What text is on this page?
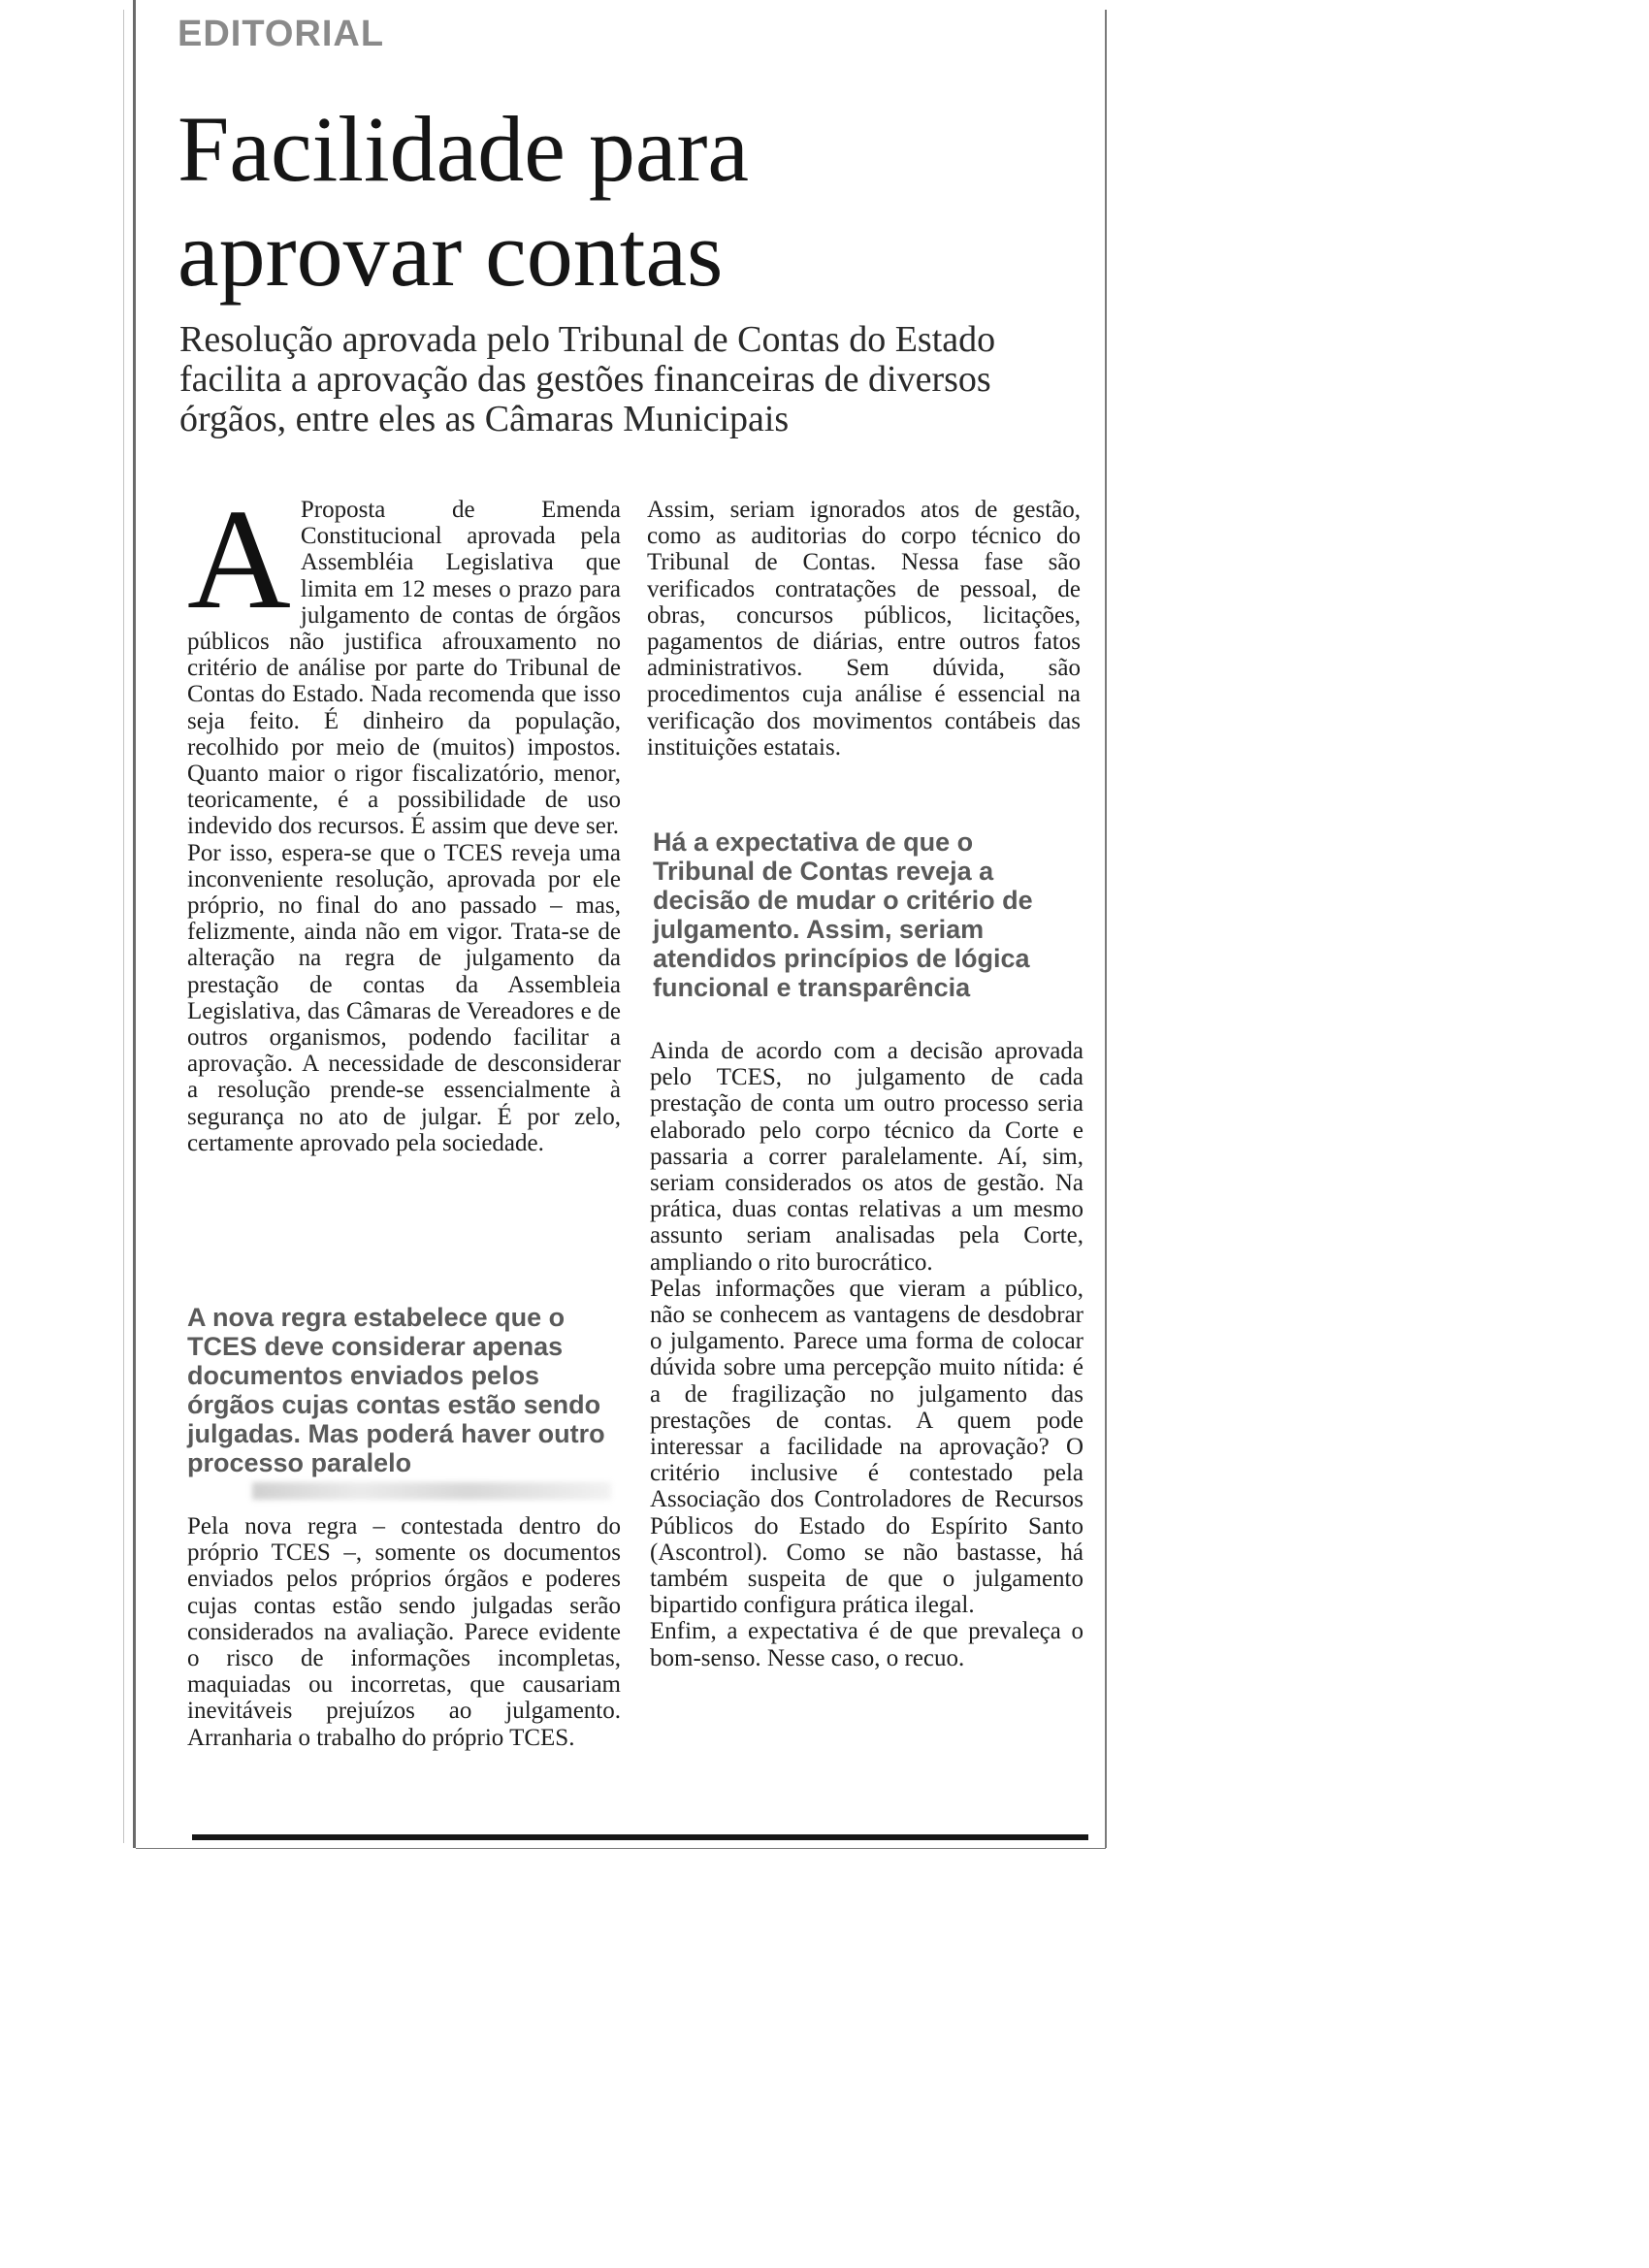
EDITORIAL
Facilidade para aprovar contas

Resolução aprovada pelo Tribunal de Contas do Estado facilita a aprovação das gestões financeiras de diversos órgãos, entre eles as Câmaras Municipais

A Proposta de Emenda Constitucional aprovada pela Assembléia Legislativa que limita em 12 meses o prazo para julgamento de contas de órgãos públicos não justifica afrouxamento no critério de análise por parte do Tribunal de Contas do Estado. Nada recomenda que isso seja feito. É dinheiro da população, recolhido por meio de (muitos) impostos. Quanto maior o rigor fiscalizatório, menor, teoricamente, é a possibilidade de uso indevido dos recursos. É assim que deve ser.

Por isso, espera-se que o TCES reveja uma inconveniente resolução, aprovada por ele próprio, no final do ano passado – mas, felizmente, ainda não em vigor. Trata-se de alteração na regra de julgamento da prestação de contas da Assembleia Legislativa, das Câmaras de Vereadores e de outros organismos, podendo facilitar a aprovação. A necessidade de desconsiderar a resolução prende-se essencialmente à segurança no ato de julgar. É por zelo, certamente aprovado pela sociedade.

A nova regra estabelece que o TCES deve considerar apenas documentos enviados pelos órgãos cujas contas estão sendo julgadas. Mas poderá haver outro processo paralelo

Pela nova regra – contestada dentro do próprio TCES –, somente os documentos enviados pelos próprios órgãos e poderes cujas contas estão sendo julgadas serão considerados na avaliação. Parece evidente o risco de informações incompletas, maquiadas ou incorretas, que causariam inevitáveis prejuízos ao julgamento. Arranharia o trabalho do próprio TCES.

Assim, seriam ignorados atos de gestão, como as auditorias do corpo técnico do Tribunal de Contas. Nessa fase são verificados contratações de pessoal, de obras, concursos públicos, licitações, pagamentos de diárias, entre outros fatos administrativos. Sem dúvida, são procedimentos cuja análise é essencial na verificação dos movimentos contábeis das instituições estatais.

Há a expectativa de que o Tribunal de Contas reveja a decisão de mudar o critério de julgamento. Assim, seriam atendidos princípios de lógica funcional e transparência

Ainda de acordo com a decisão aprovada pelo TCES, no julgamento de cada prestação de conta um outro processo seria elaborado pelo corpo técnico da Corte e passaria a correr paralelamente. Aí, sim, seriam considerados os atos de gestão. Na prática, duas contas relativas a um mesmo assunto seriam analisadas pela Corte, ampliando o rito burocrático.

Pelas informações que vieram a público, não se conhecem as vantagens de desdobrar o julgamento. Parece uma forma de colocar dúvida sobre uma percepção muito nítida: é a de fragilização no julgamento das prestações de contas. A quem pode interessar a facilidade na aprovação? O critério inclusive é contestado pela Associação dos Controladores de Recursos Públicos do Estado do Espírito Santo (Ascontrol). Como se não bastasse, há também suspeita de que o julgamento bipartido configura prática ilegal.

Enfim, a expectativa é de que prevaleça o bom-senso. Nesse caso, o recuo.
